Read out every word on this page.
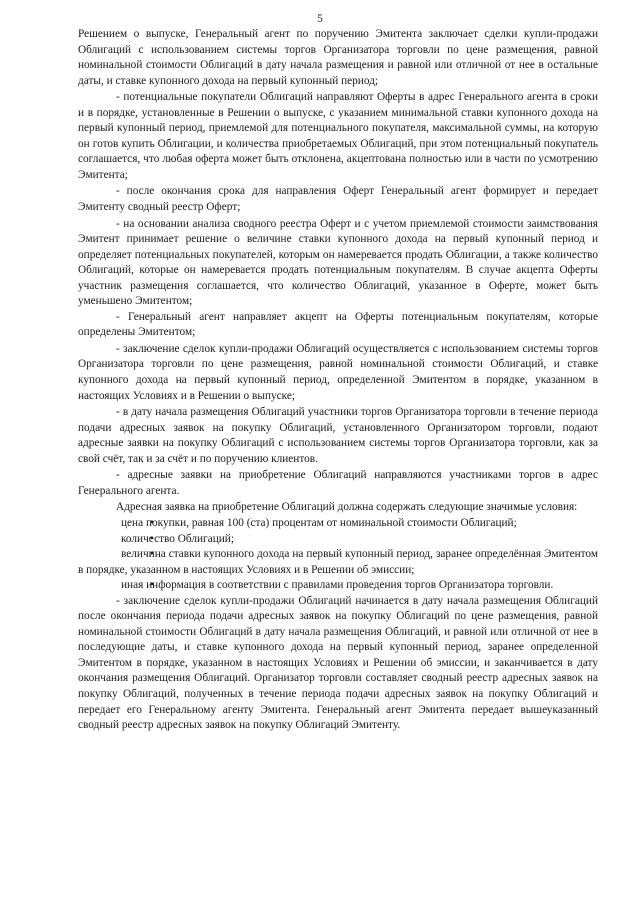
5

Решением о выпуске, Генеральный агент по поручению Эмитента заключает сделки купли-продажи Облигаций с использованием системы торгов Организатора торговли по цене размещения, равной номинальной стоимости Облигаций в дату начала размещения и равной или отличной от нее в остальные даты, и ставке купонного дохода на первый купонный период;

- потенциальные покупатели Облигаций направляют Оферты в адрес Генерального агента в сроки и в порядке, установленные в Решении о выпуске, с указанием минимальной ставки купонного дохода на первый купонный период, приемлемой для потенциального покупателя, максимальной суммы, на которую он готов купить Облигации, и количества приобретаемых Облигаций, при этом потенциальный покупатель соглашается, что любая оферта может быть отклонена, акцептована полностью или в части по усмотрению Эмитента;

- после окончания срока для направления Оферт Генеральный агент формирует и передает Эмитенту сводный реестр Оферт;

- на основании анализа сводного реестра Оферт и с учетом приемлемой стоимости заимствования Эмитент принимает решение о величине ставки купонного дохода на первый купонный период и определяет потенциальных покупателей, которым он намеревается продать Облигации, а также количество Облигаций, которые он намеревается продать потенциальным покупателям. В случае акцепта Оферты участник размещения соглашается, что количество Облигаций, указанное в Оферте, может быть уменьшено Эмитентом;

- Генеральный агент направляет акцепт на Оферты потенциальным покупателям, которые определены Эмитентом;

- заключение сделок купли-продажи Облигаций осуществляется с использованием системы торгов Организатора торговли по цене размещения, равной номинальной стоимости Облигаций, и ставке купонного дохода на первый купонный период, определенной Эмитентом в порядке, указанном в настоящих Условиях и в Решении о выпуске;

- в дату начала размещения Облигаций участники торгов Организатора торговли в течение периода подачи адресных заявок на покупку Облигаций, установленного Организатором торговли, подают адресные заявки на покупку Облигаций с использованием системы торгов Организатора торговли, как за свой счёт, так и за счёт и по поручению клиентов.

- адресные заявки на приобретение Облигаций направляются участниками торгов в адрес Генерального агента.

Адресная заявка на приобретение Облигаций должна содержать следующие значимые условия:

•цена покупки, равная 100 (ста) процентам от номинальной стоимости Облигаций;

•количество Облигаций;

•величина ставки купонного дохода на первый купонный период, заранее определённая Эмитентом в порядке, указанном в настоящих Условиях и в Решении об эмиссии;

•иная информация в соответствии с правилами проведения торгов Организатора торговли.

- заключение сделок купли-продажи Облигаций начинается в дату начала размещения Облигаций после окончания периода подачи адресных заявок на покупку Облигаций по цене размещения, равной номинальной стоимости Облигаций в дату начала размещения Облигаций, и равной или отличной от нее в последующие даты, и ставке купонного дохода на первый купонный период, заранее определенной Эмитентом в порядке, указанном в настоящих Условиях и Решении об эмиссии, и заканчивается в дату окончания размещения Облигаций. Организатор торговли составляет сводный реестр адресных заявок на покупку Облигаций, полученных в течение периода подачи адресных заявок на покупку Облигаций и передает его Генеральному агенту Эмитента. Генеральный агент Эмитента передает вышеуказанный сводный реестр адресных заявок на покупку Облигаций Эмитенту.
